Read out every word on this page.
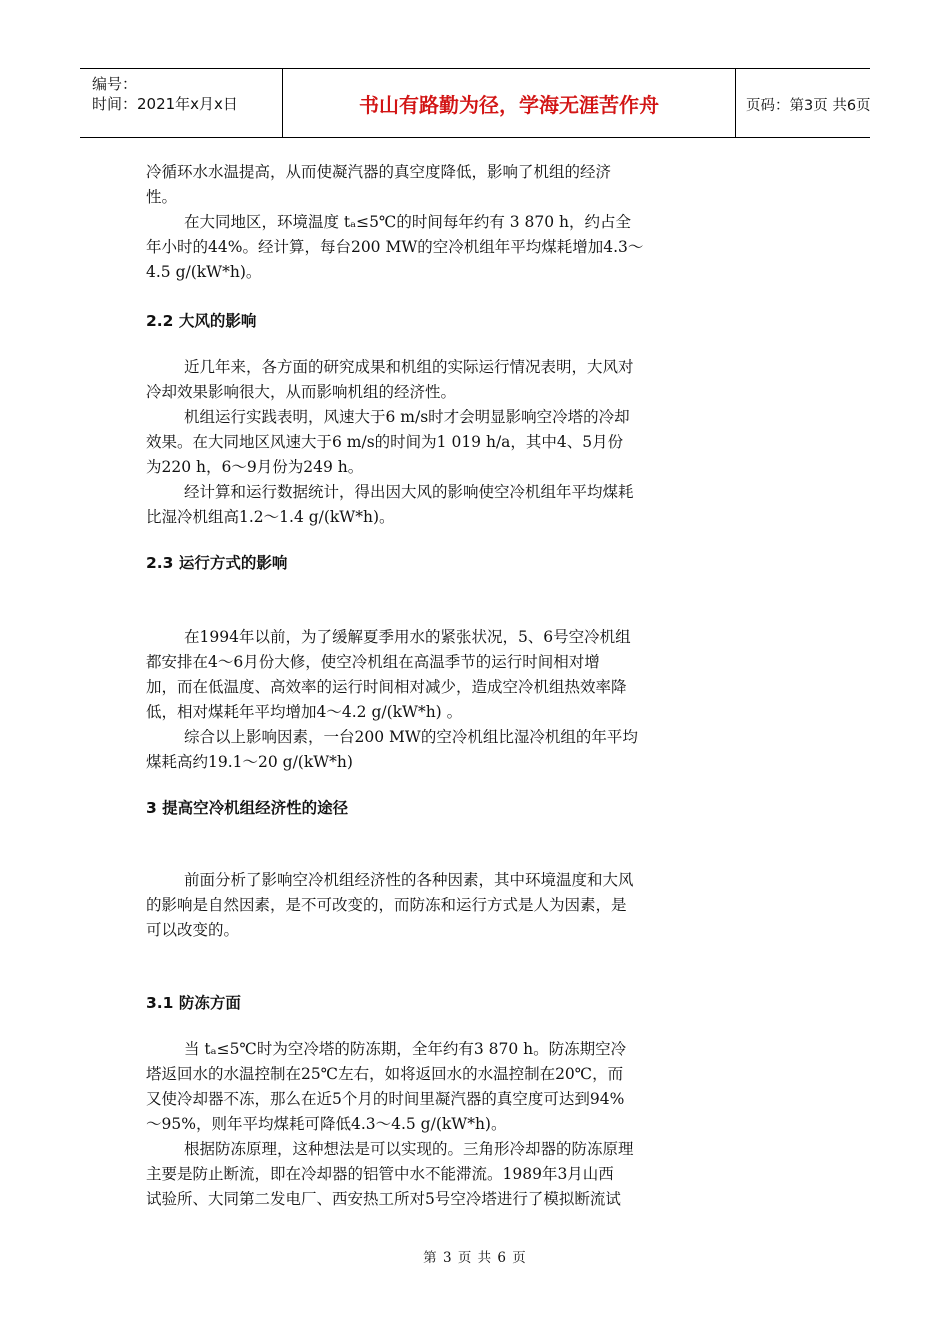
编号：
时间：2021年x月x日	书山有路勤为径，学海无涯苦作舟	页码：第3页 共6页
冷循环水水温提高，从而使凝汽器的真空度降低，影响了机组的经济
性。
在大同地区，环境温度 tₐ≤5℃的时间每年约有 3 870 h，约占全
年小时的44%。经计算，每台200 MW的空冷机组年平均煤耗增加4.3～
4.5 g/(kW*h)。
2.2 大风的影响
近几年来，各方面的研究成果和机组的实际运行情况表明，大风对
冷却效果影响很大，从而影响机组的经济性。
机组运行实践表明，风速大于6 m/s时才会明显影响空冷塔的冷却
效果。在大同地区风速大于6 m/s的时间为1 019 h/a，其中4、5月份
为220 h，6～9月份为249 h。
经计算和运行数据统计，得出因大风的影响使空冷机组年平均煤耗
比湿冷机组高1.2～1.4 g/(kW*h)。
2.3 运行方式的影响
在1994年以前，为了缓解夏季用水的紧张状况，5、6号空冷机组
都安排在4～6月份大修，使空冷机组在高温季节的运行时间相对增
加，而在低温度、高效率的运行时间相对减少，造成空冷机组热效率降
低，相对煤耗年平均增加4～4.2 g/(kW*h) 。
综合以上影响因素，一台200 MW的空冷机组比湿冷机组的年平均
煤耗高约19.1～20 g/(kW*h)
3 提高空冷机组经济性的途径
前面分析了影响空冷机组经济性的各种因素，其中环境温度和大风
的影响是自然因素，是不可改变的，而防冻和运行方式是人为因素，是
可以改变的。
3.1 防冻方面
当 tₐ≤5℃时为空冷塔的防冻期，全年约有3 870 h。防冻期空冷
塔返回水的水温控制在25℃左右，如将返回水的水温控制在20℃，而
又使冷却器不冻，那么在近5个月的时间里凝汽器的真空度可达到94%
～95%，则年平均煤耗可降低4.3～4.5 g/(kW*h)。
根据防冻原理，这种想法是可以实现的。三角形冷却器的防冻原理
主要是防止断流，即在冷却器的铝管中水不能滞流。1989年3月山西
试验所、大同第二发电厂、西安热工所对5号空冷塔进行了模拟断流试
第 3 页 共 6 页
